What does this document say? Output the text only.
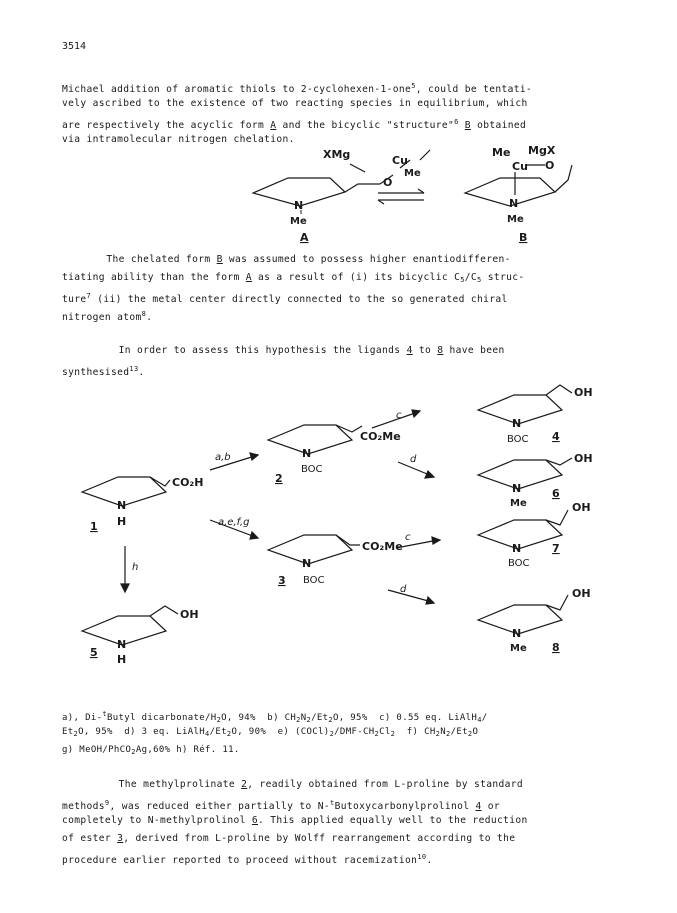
3514
Michael addition of aromatic thiols to 2-cyclohexen-1-one$^5$, could be tentati-
vely ascribed to the existence of two reacting species in equilibrium, which
are respectively the acyclic form A and the bicyclic "structure"$^6$ B obtained
via intramolecular nitrogen chelation.
XMg	Cu
Me
O
N
Me
A
Me MgX
Cu O
N
Me
B
The chelated form B was assumed to possess higher enantiodifferen-
tiating ability than the form A as a result of (i) its bicyclic $C_5/C_5$ struc-
ture$^7$ (ii) the metal center directly connected to the so generated chiral
nitrogen atom$^8$.
In order to assess this hypothesis the ligands 4 to 8 have been
synthesised$^{13}$.
CO₂H
N
H
1
OH
N
H
5
CO₂Me
N
BOC
2
CO₂Me
N
BOC
3
OH
N
BOC 4
OH
N
Me
6
OH
N
BOC
7
OH
N
Me 8
a,b
a,e,f,g
h
c
d
c
d
a), Di-$^t$Butyl dicarbonate/$H_2O$, 94%  b) $CH_2N_2/Et_2O$, 95%  c) 0.55 eq. LiAlH$_4$/
$Et_2O$, 95%  d) 3 eq. $LiAlH_4/Et_2O$, 90%  e) $(COCl)_2/DMF-CH_2Cl_2$  f) $CH_2N_2/Et_2O$
g) MeOH/PhCO$_2$Ag,60% h) Réf. 11.
The methylprolinate 2, readily obtained from L-proline by standard
methods$^9$, was reduced either partially to N-$^t$Butoxycarbonylprolinol 4 or
completely to N-methylprolinol 6. This applied equally well to the reduction
of ester 3, derived from L-proline by Wolff rearrangement according to the
procedure earlier reported to proceed without racemization$^{10}$.
